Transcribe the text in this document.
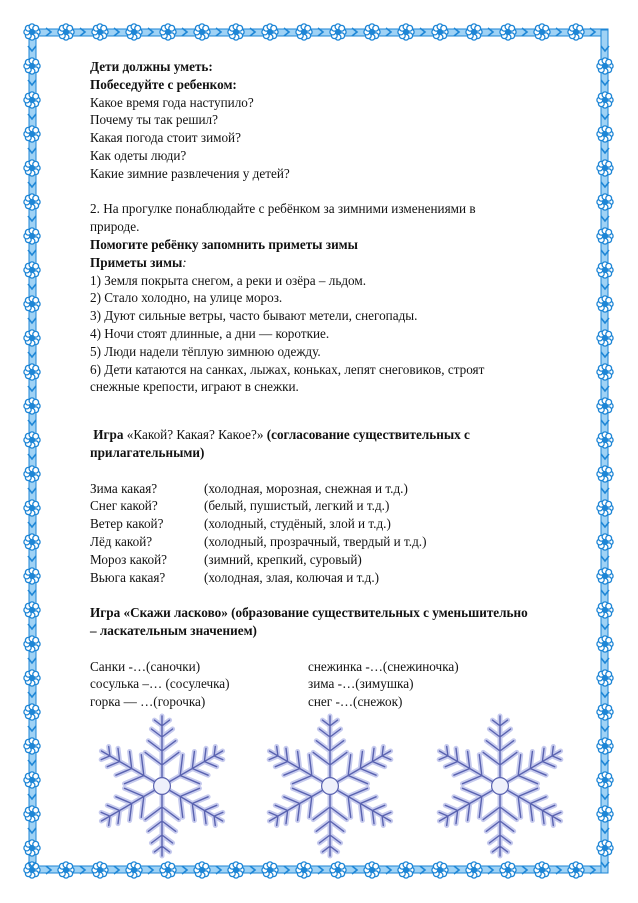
Дети должны уметь:

Побеседуйте с ребенком:

Какое время года наступило?

Почему ты так решил?

Какая погода стоит зимой?

Как одеты люди?

Какие зимние развлечения у детей?

2. На прогулке понаблюдайте с ребёнком за зимними изменениями в

природе.

Помогите ребёнку запомнить приметы зимы

Приметы зимы:

1) Земля покрыта снегом, а реки и озёра – льдом.

2) Стало холодно, на улице мороз.

3) Дуют сильные ветры, часто бывают метели, снегопады.

4) Ночи стоят длинные, а дни — короткие.

5) Люди надели тёплую зимнюю одежду.

6) Дети катаются на санках, лыжах, коньках, лепят снеговиков, строят

снежные крепости, играют в снежки.

Игра «Какой? Какая? Какое?» (согласование существительных с

прилагательными)

Зима какая?	(холодная, морозная, снежная и т.д.)
Снег какой?	(белый, пушистый, легкий и т.д.)
Ветер какой?	(холодный, студёный, злой и т.д.)
Лёд какой?	(холодный, прозрачный, твердый и т.д.)
Мороз какой?	(зимний, крепкий, суровый)
Вьюга какая?	(холодная, злая, колючая и т.д.)

Игра «Скажи ласково» (образование существительных с уменьшительно

– ласкательным значением)

Санки -…(саночки)	снежинка -…(снежиночка)
сосулька –… (сосулечка)	зима -…(зимушка)
горка — …(горочка)	снег -…(снежок)
